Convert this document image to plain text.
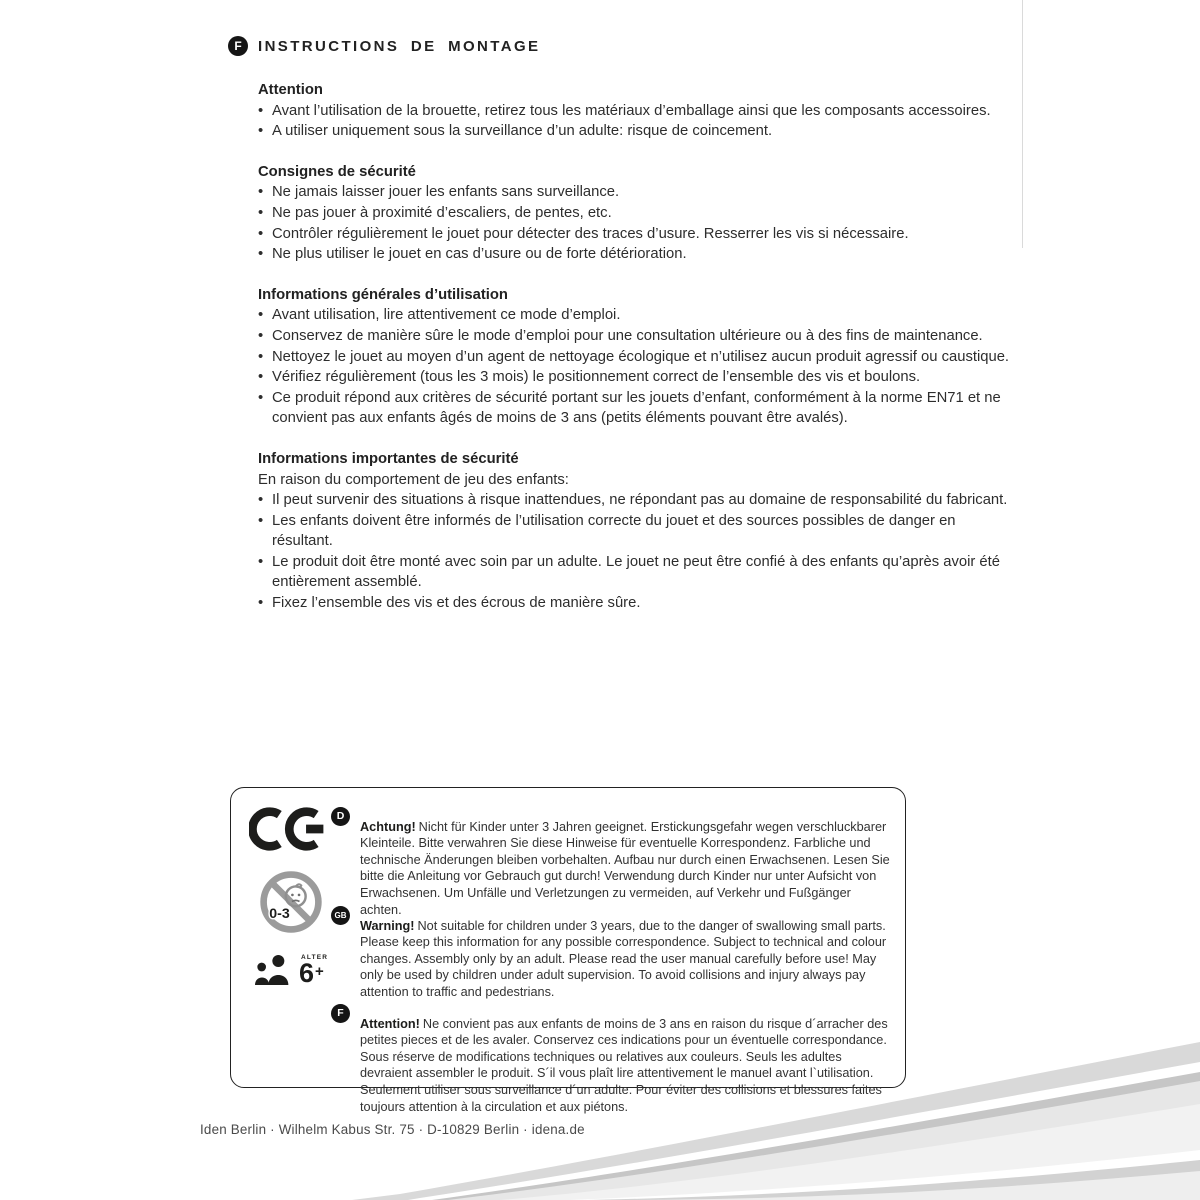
F	INSTRUCTIONS DE MONTAGE
Attention
• Avant l’utilisation de la brouette, retirez tous les matériaux d’emballage ainsi que les composants accessoires.
• A utiliser uniquement sous la surveillance d’un adulte: risque de coincement.
Consignes de sécurité
• Ne jamais laisser jouer les enfants sans surveillance.
• Ne pas jouer à proximité d’escaliers, de pentes, etc.
• Contrôler régulièrement le jouet pour détecter des traces d’usure. Resserrer les vis si nécessaire.
• Ne plus utiliser le jouet en cas d’usure ou de forte détérioration.
Informations générales d’utilisation
• Avant utilisation, lire attentivement ce mode d’emploi.
• Conservez de manière sûre le mode d’emploi pour une consultation ultérieure ou à des fins de maintenance.
• Nettoyez le jouet au moyen d’un agent de nettoyage écologique et n’utilisez aucun produit agressif ou caustique.
• Vérifiez régulièrement (tous les 3 mois) le positionnement correct de l’ensemble des vis et boulons.
• Ce produit répond aux critères de sécurité portant sur les jouets d’enfant, conformément à la norme EN71 et ne convient pas aux enfants âgés de moins de 3 ans (petits éléments pouvant être avalés).
Informations importantes de sécurité

En raison du comportement de jeu des enfants:

• Il peut survenir des situations à risque inattendues, ne répondant pas au domaine de responsabilité du fabricant.
• Les enfants doivent être informés de l’utilisation correcte du jouet et des sources possibles de danger en résultant.
• Le produit doit être monté avec soin par un adulte. Le jouet ne peut être confié à des enfants qu’après avoir été entièrement assemblé.
• Fixez l’ensemble des vis et des écrous de manière sûre.
0-3
ALTER
6+
D

Achtung! Nicht für Kinder unter 3 Jahren geeignet. Erstickungsgefahr wegen verschluckbarer Kleinteile. Bitte verwahren Sie diese Hinweise für eventuelle Korrespondenz. Farbliche und technische Änderungen bleiben vorbehalten. Aufbau nur durch einen Erwachsenen. Lesen Sie bitte die Anleitung vor Gebrauch gut durch! Verwendung durch Kinder nur unter Aufsicht von Erwachsenen. Um Unfälle und Verletzungen zu vermeiden, auf Verkehr und Fußgänger achten.

GB

Warning! Not suitable for children under 3 years, due to the danger of swallowing small parts. Please keep this information for any possible correspondence. Subject to technical and colour changes. Assembly only by an adult. Please read the user manual carefully before use! May only be used by children under adult supervision. To avoid collisions and injury always pay attention to traffic and pedestrians.

F

Attention! Ne convient pas aux enfants de moins de 3 ans en raison du risque d´arracher des petites pieces et de les avaler. Conservez ces indications pour un éventuelle correspondance. Sous réserve de modifications techniques ou relatives aux couleurs. Seuls les adultes devraient assembler le produit. S´il vous plaît lire attentivement le manuel avant l`utilisation. Seulement utiliser sous surveillance d´un adulte. Pour éviter des collisions et blessures faites toujours attention à la circulation et aux piétons.

Iden Berlin · Wilhelm Kabus Str. 75 · D-10829 Berlin · idena.de
